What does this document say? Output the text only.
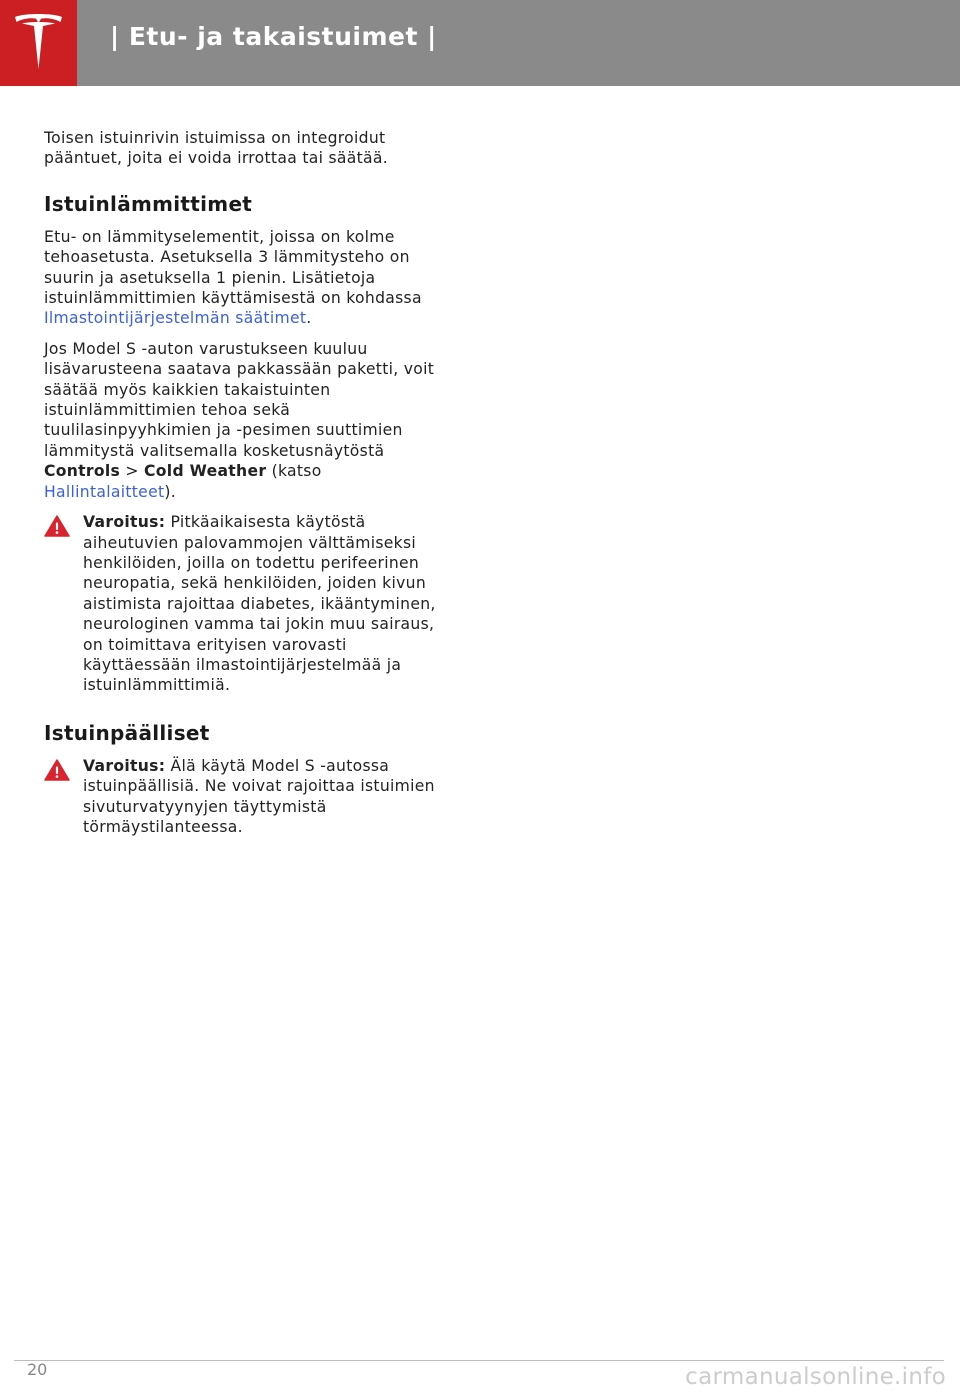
| Etu- ja takaistuimet |

Toisen istuinrivin istuimissa on integroidut pääntuet, joita ei voida irrottaa tai säätää.

Istuinlämmittimet

Etu- on lämmityselementit, joissa on kolme tehoasetusta. Asetuksella 3 lämmitysteho on suurin ja asetuksella 1 pienin. Lisätietoja istuinlämmittimien käyttämisestä on kohdassa Ilmastointijärjestelmän säätimet.

Jos Model S -auton varustukseen kuuluu lisävarusteena saatava pakkassään paketti, voit säätää myös kaikkien takaistuinten istuinlämmittimien tehoa sekä tuulilasinpyyhkimien ja -pesimen suuttimien lämmitystä valitsemalla kosketusnäytöstä Controls > Cold Weather (katso Hallintalaitteet).

Varoitus: Pitkäaikaisesta käytöstä aiheutuvien palovammojen välttämiseksi henkilöiden, joilla on todettu perifeerinen neuropatia, sekä henkilöiden, joiden kivun aistimista rajoittaa diabetes, ikääntyminen, neurologinen vamma tai jokin muu sairaus, on toimittava erityisen varovasti käyttäessään ilmastointijärjestelmää ja istuinlämmittimiä.
Istuinpäälliset
Varoitus: Älä käytä Model S -autossa istuinpäällisiä. Ne voivat rajoittaa istuimien sivuturvatyynyjen täyttymistä törmäystilanteessa.
20	carmanualsonline.info
